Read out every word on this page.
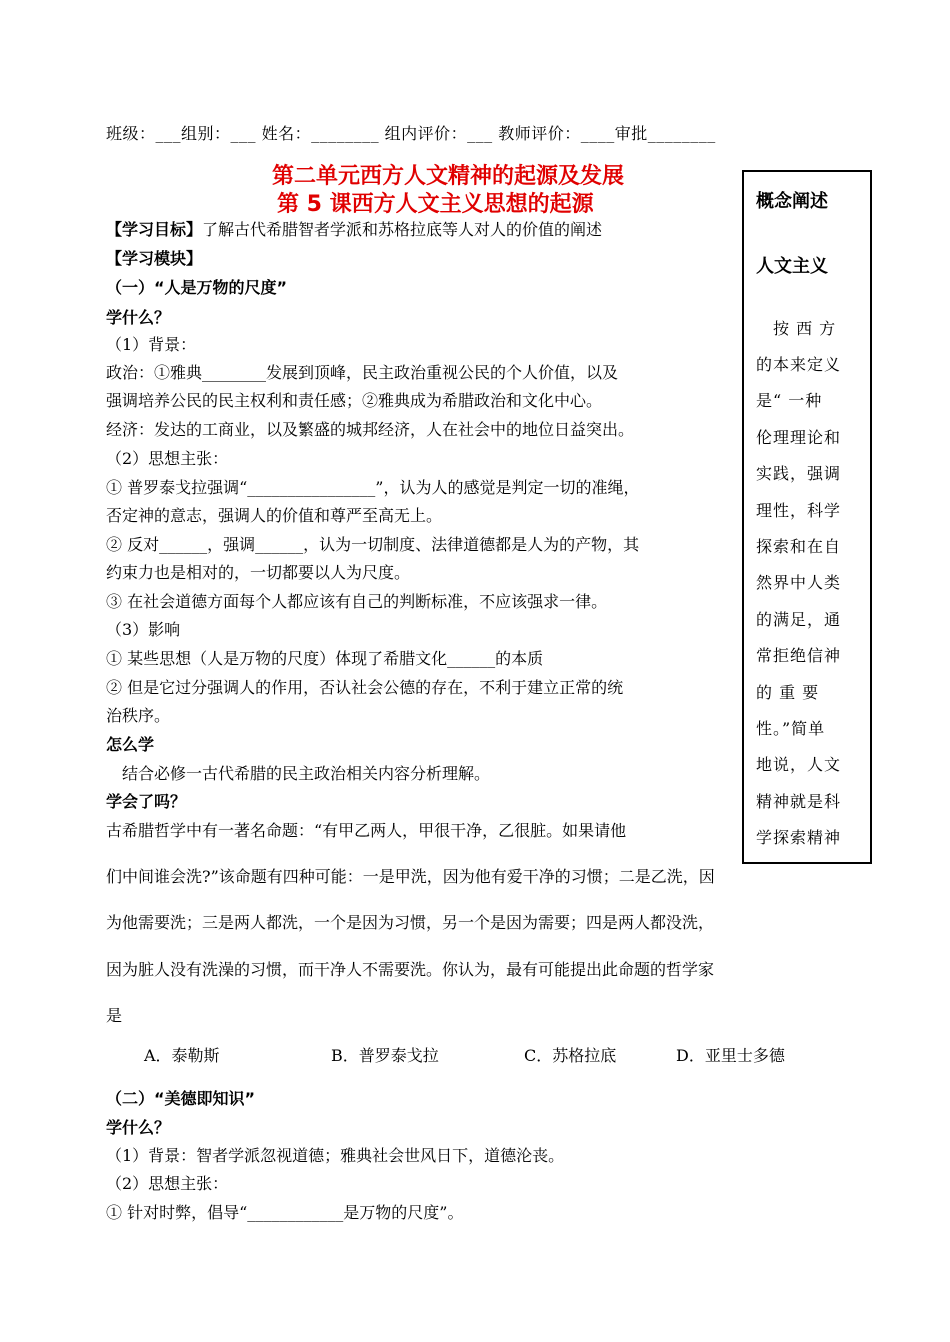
班级：___组别：___ 姓名：________ 组内评价：___ 教师评价：____审批________
第二单元西方人文精神的起源及发展
第 5 课西方人文主义思想的起源
【学习目标】了解古代希腊智者学派和苏格拉底等人对人的价值的阐述
【学习模块】
（一）“人是万物的尺度”
学什么？
（1）背景：
政治：①雅典________发展到顶峰，民主政治重视公民的个人价值，以及
强调培养公民的民主权利和责任感；②雅典成为希腊政治和文化中心。
经济：发达的工商业，以及繁盛的城邦经济，人在社会中的地位日益突出。
（2）思想主张：
① 普罗泰戈拉强调“________________”，认为人的感觉是判定一切的准绳，
否定神的意志，强调人的价值和尊严至高无上。
② 反对______，强调______，认为一切制度、法律道德都是人为的产物，其
约束力也是相对的，一切都要以人为尺度。
③ 在社会道德方面每个人都应该有自己的判断标准，不应该强求一律。
（3）影响
① 某些思想（人是万物的尺度）体现了希腊文化______的本质
② 但是它过分强调人的作用，否认社会公德的存在，不利于建立正常的统
治秩序。
怎么学
结合必修一古代希腊的民主政治相关内容分析理解。
学会了吗？
古希腊哲学中有一著名命题：“有甲乙两人，甲很干净，乙很脏。如果请他
们中间谁会洗?”该命题有四种可能：一是甲洗，因为他有爱干净的习惯；二是乙洗，因
为他需要洗；三是两人都洗，一个是因为习惯，另一个是因为需要；四是两人都没洗，
因为脏人没有洗澡的习惯，而干净人不需要洗。你认为，最有可能提出此命题的哲学家
是
A．泰勒斯	B．普罗泰戈拉	C．苏格拉底	D．亚里士多德
（二）“美德即知识”
学什么？
（1）背景：智者学派忽视道德；雅典社会世风日下，道德沦丧。
（2）思想主张：
① 针对时弊，倡导“____________是万物的尺度”。
概念阐述
人文主义
　按 西 方
的本来定义
是“ 一种
伦理理论和
实践，强调
理性，科学
探索和在自
然界中人类
的满足，通
常拒绝信神
的 重 要
性。”简单
地说，人文
精神就是科
学探索精神
